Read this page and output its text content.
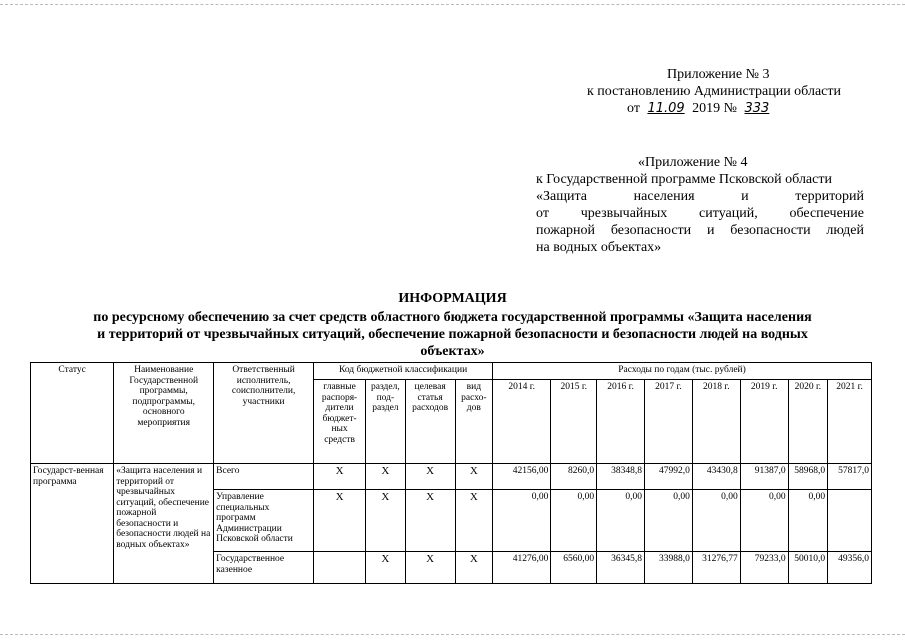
Приложение № 3
к постановлению Администрации области
от 11.09 2019 № 333
«Приложение № 4
к Государственной программе Псковской области
«Защита населения и территорий
от чрезвычайных ситуаций, обеспечение
пожарной безопасности и безопасности людей
на водных объектах»
ИНФОРМАЦИЯ
по ресурсному обеспечению за счет средств областного бюджета государственной программы «Защита населения
и территорий от чрезвычайных ситуаций, обеспечение пожарной безопасности и безопасности людей на водных
объектах»
Статус	Наименование Государственной программы, подпрограммы, основного мероприятия	Ответственный исполнитель, соисполнители, участники	Код бюджетной классификации				Расходы по годам (тыс. рублей)							
			главные распоря-дители бюджет-ных средств	раздел, под-раздел	целевая статья расходов	вид расхо-дов	2014 г.	2015 г.	2016 г.	2017 г.	2018 г.	2019 г.	2020 г.	2021 г.
Государст-венная программа	«Защита населения и территорий от чрезвычайных ситуаций, обеспечение пожарной безопасности и безопасности людей на водных объектах»	Всего	Х	Х	Х	Х	42156,00	8260,0	38348,8	47992,0	43430,8	91387,0	58968,0	57817,0
		Управление специальных программ Администрации Псковской области	Х	Х	Х	Х	0,00	0,00	0,00	0,00	0,00	0,00	0,00	
		Государственное казенное		Х	Х	Х	41276,00	6560,00	36345,8	33988,0	31276,77	79233,0	50010,0	49356,0
